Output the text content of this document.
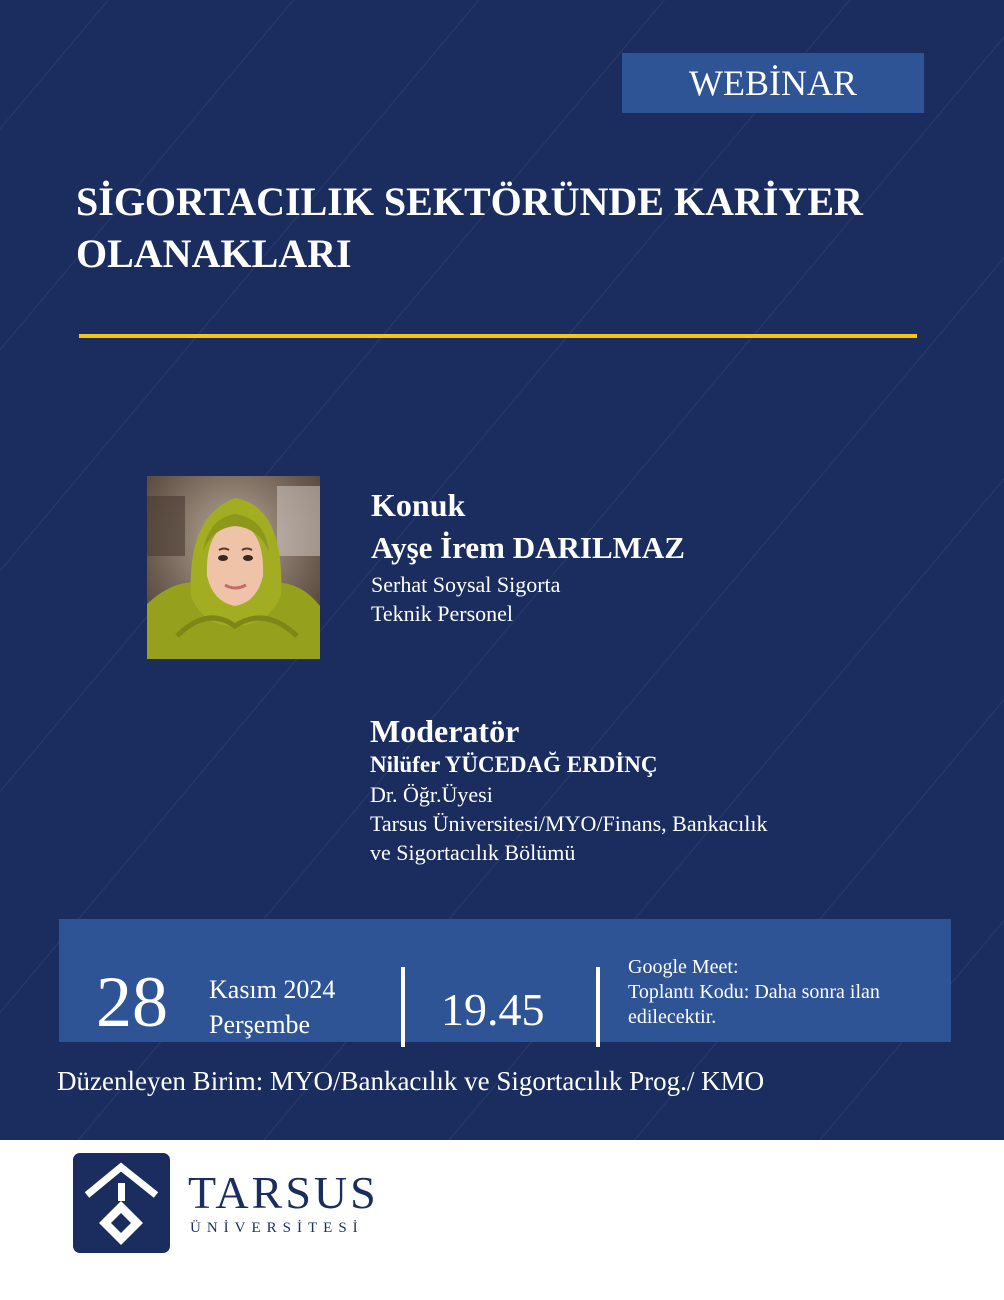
WEBİNAR
SİGORTACILIK SEKTÖRÜNDE KARİYER
OLANAKLARI
Konuk
Ayşe İrem DARILMAZ
Serhat Soysal Sigorta
Teknik Personel
Moderatör
Nilüfer YÜCEDAĞ ERDİNÇ
Dr. Öğr.Üyesi
Tarsus Üniversitesi/MYO/Finans, Bankacılık
ve Sigortacılık Bölümü
28 Kasım 2024
Perşembe	19.45
Google Meet:
Toplantı Kodu: Daha sonra ilan
edilecektir.
Düzenleyen Birim: MYO/Bankacılık ve Sigortacılık Prog./ KMO
TARSUS
ÜNİVERSİTESİ
